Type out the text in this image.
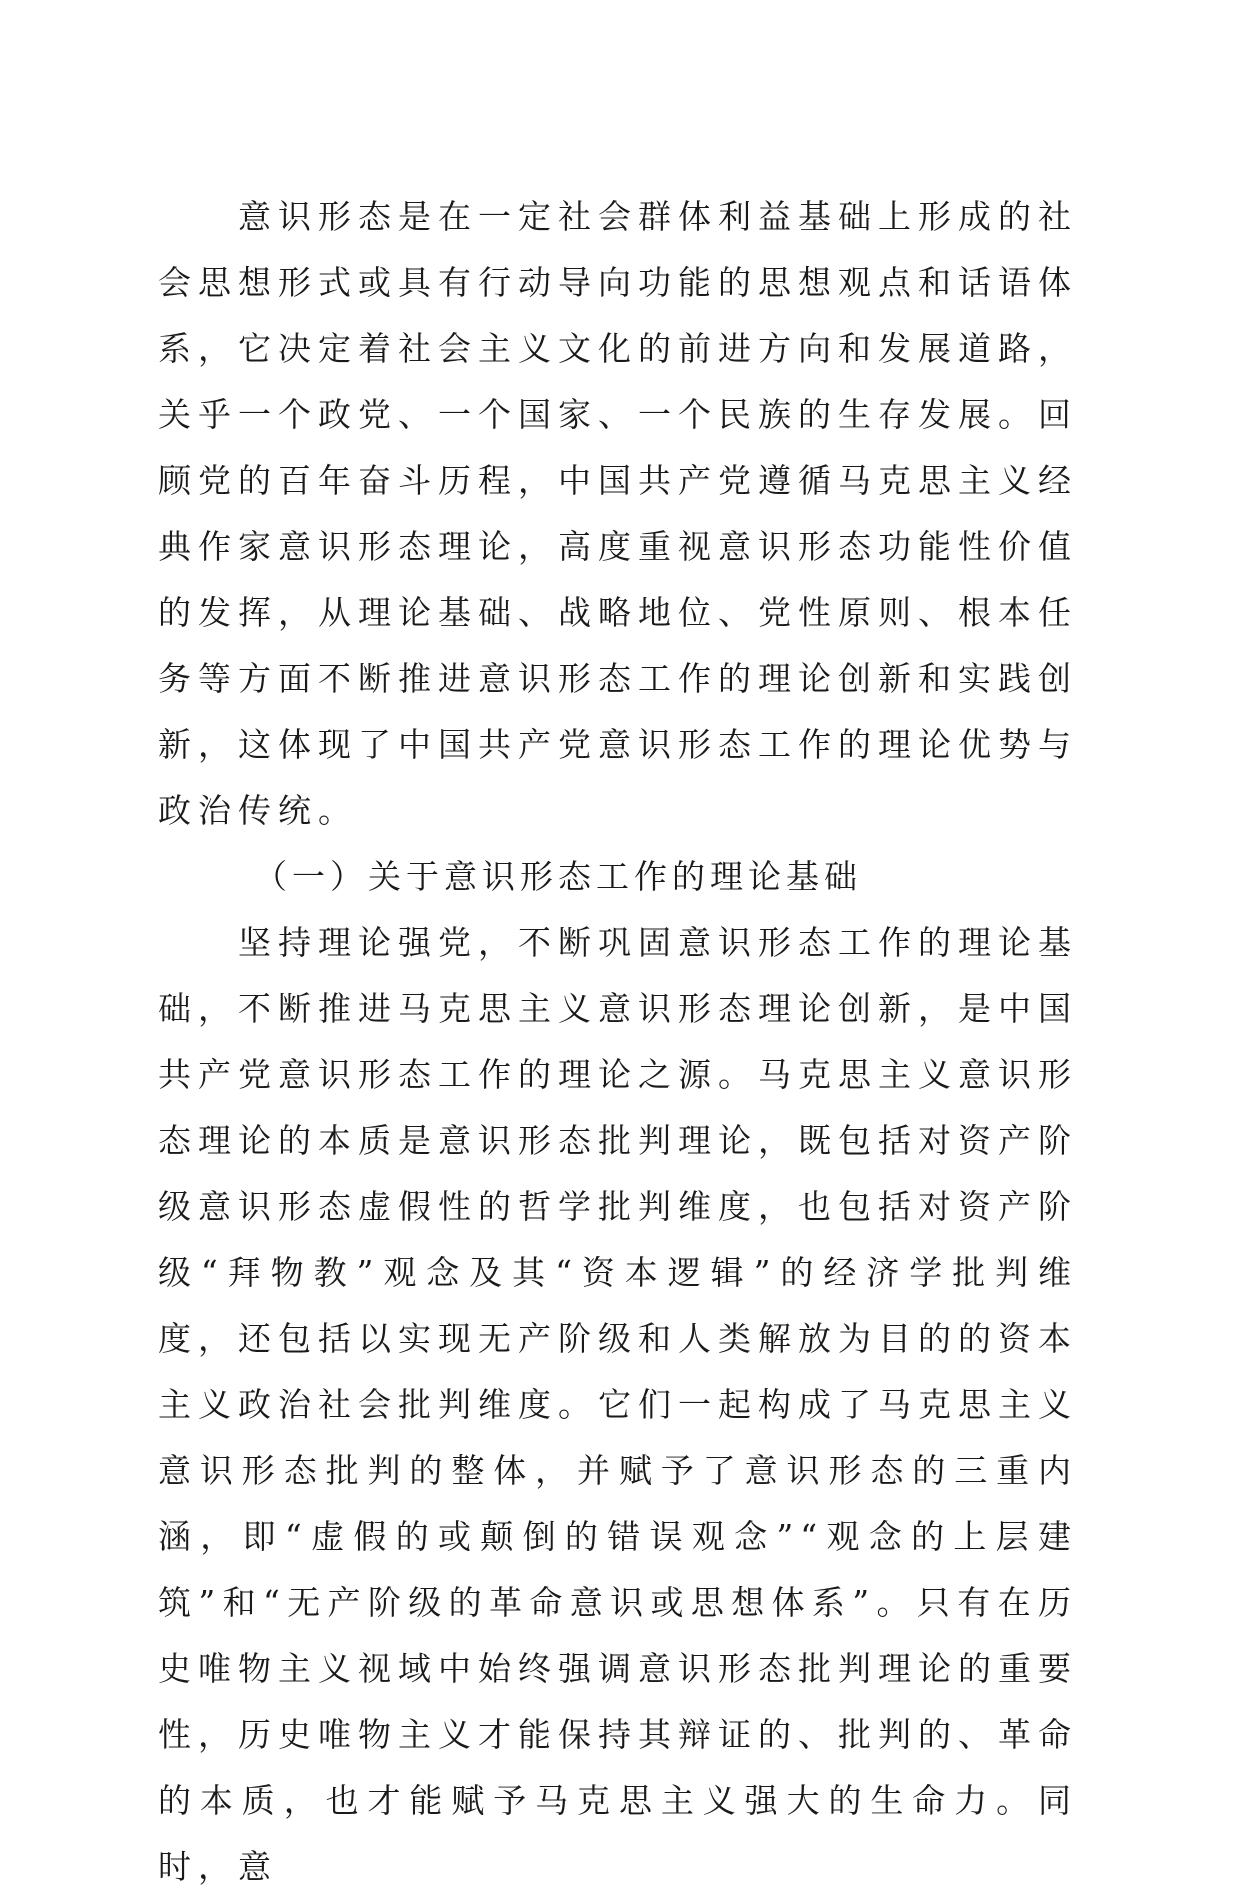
意识形态是在一定社会群体利益基础上形成的社会思想形式或具有行动导向功能的思想观点和话语体系，它决定着社会主义文化的前进方向和发展道路，关乎一个政党、一个国家、一个民族的生存发展。回顾党的百年奋斗历程，中国共产党遵循马克思主义经典作家意识形态理论，高度重视意识形态功能性价值的发挥，从理论基础、战略地位、党性原则、根本任务等方面不断推进意识形态工作的理论创新和实践创新，这体现了中国共产党意识形态工作的理论优势与政治传统。

（一）关于意识形态工作的理论基础

坚持理论强党，不断巩固意识形态工作的理论基础，不断推进马克思主义意识形态理论创新，是中国共产党意识形态工作的理论之源。马克思主义意识形态理论的本质是意识形态批判理论，既包括对资产阶级意识形态虚假性的哲学批判维度，也包括对资产阶级“拜物教”观念及其“资本逻辑”的经济学批判维度，还包括以实现无产阶级和人类解放为目的的资本主义政治社会批判维度。它们一起构成了马克思主义意识形态批判的整体，并赋予了意识形态的三重内涵，即“虚假的或颠倒的错误观念”“观念的上层建筑”和“无产阶级的革命意识或思想体系”。只有在历史唯物主义视域中始终强调意识形态批判理论的重要性，历史唯物主义才能保持其辩证的、批判的、革命的本质，也才能赋予马克思主义强大的生命力。同时，意
